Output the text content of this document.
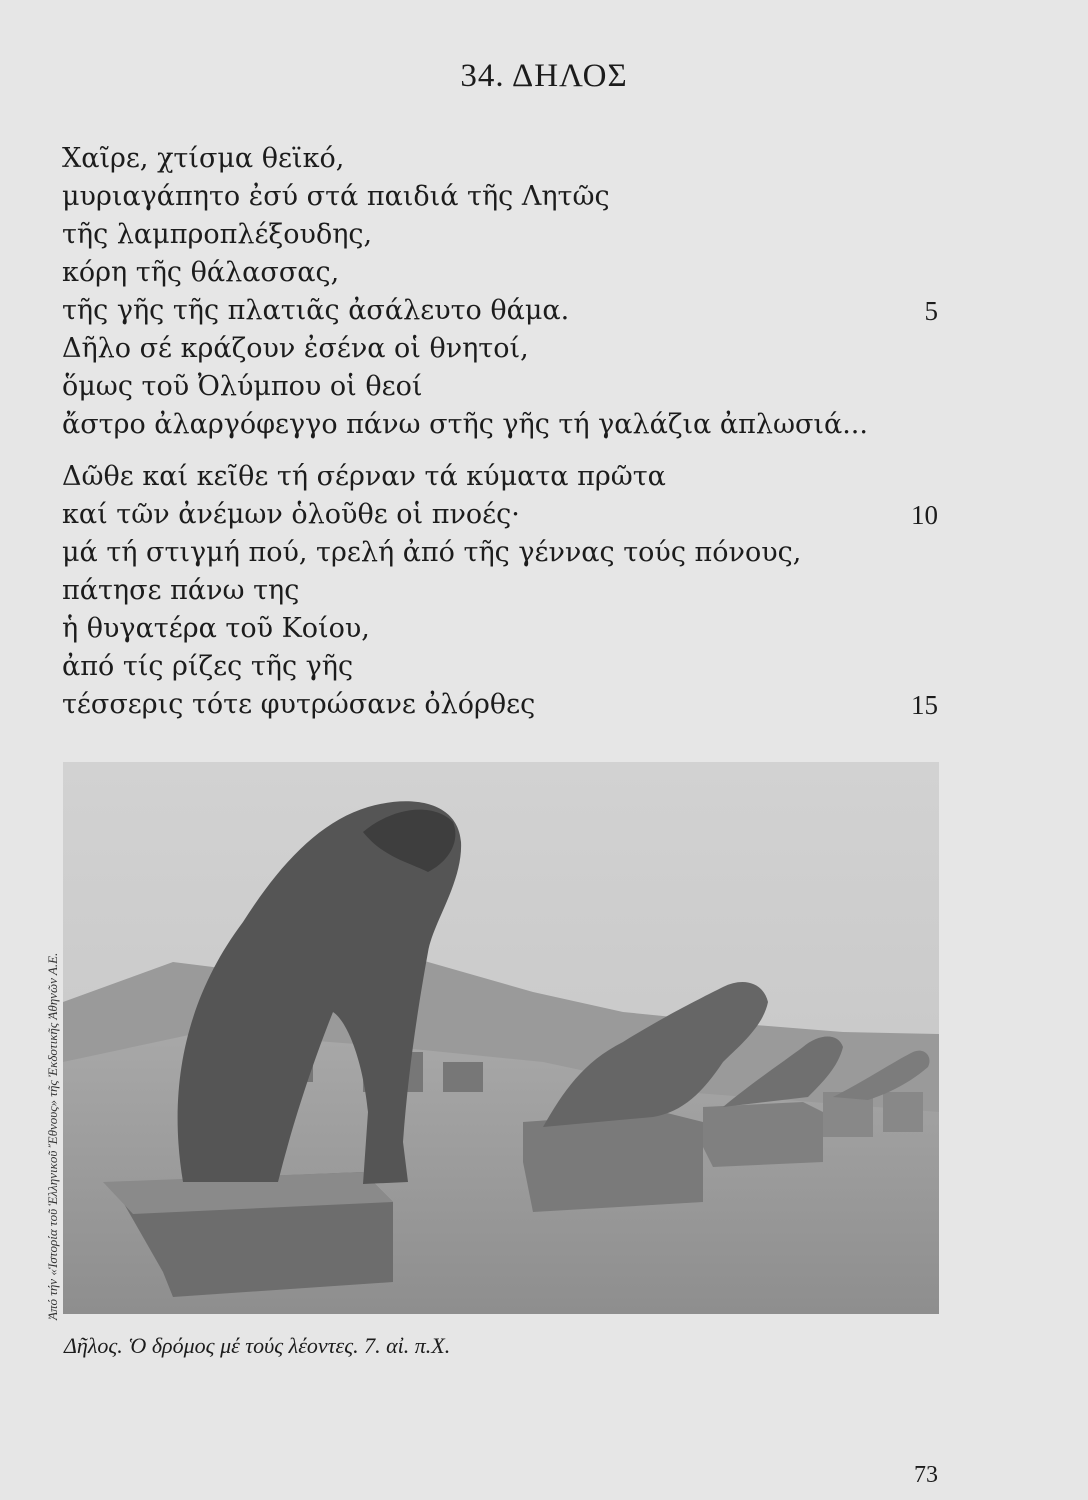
34. ΔΗΛΟΣ
Χαῖρε, χτίσμα θεϊκό,
μυριαγάπητο ἐσύ στά παιδιά τῆς Λητῶς
τῆς λαμπροπλέξουδης,
κόρη τῆς θάλασσας,
τῆς γῆς τῆς πλατιᾶς ἀσάλευτο θάμα.	5
Δῆλο σέ κράζουν ἐσένα οἱ θνητοί,
ὅμως τοῦ Ὀλύμπου οἱ θεοί
ἄστρο ἀλαργόφεγγο πάνω στῆς γῆς τή γαλάζια ἀπλωσιά...
Δῶθε καί κεῖθε τή σέρναν τά κύματα πρῶτα
καί τῶν ἀνέμων ὁλοῦθε οἱ πνοές·	10
μά τή στιγμή πού, τρελή ἀπό τῆς γέννας τούς πόνους,
πάτησε πάνω της
ἡ θυγατέρα τοῦ Κοίου,
ἀπό τίς ρίζες τῆς γῆς
τέσσερις τότε φυτρώσανε ὀλόρθες	15
Ἀπό τήν «Ἱστορία τοῦ Ἑλληνικοῦ Ἔθνους» τῆς Ἐκδοτικῆς Ἀθηνῶν Α.Ε.
Δῆλος. Ὁ δρόμος μέ τούς λέοντες. 7. αἰ. π.Χ.
73
